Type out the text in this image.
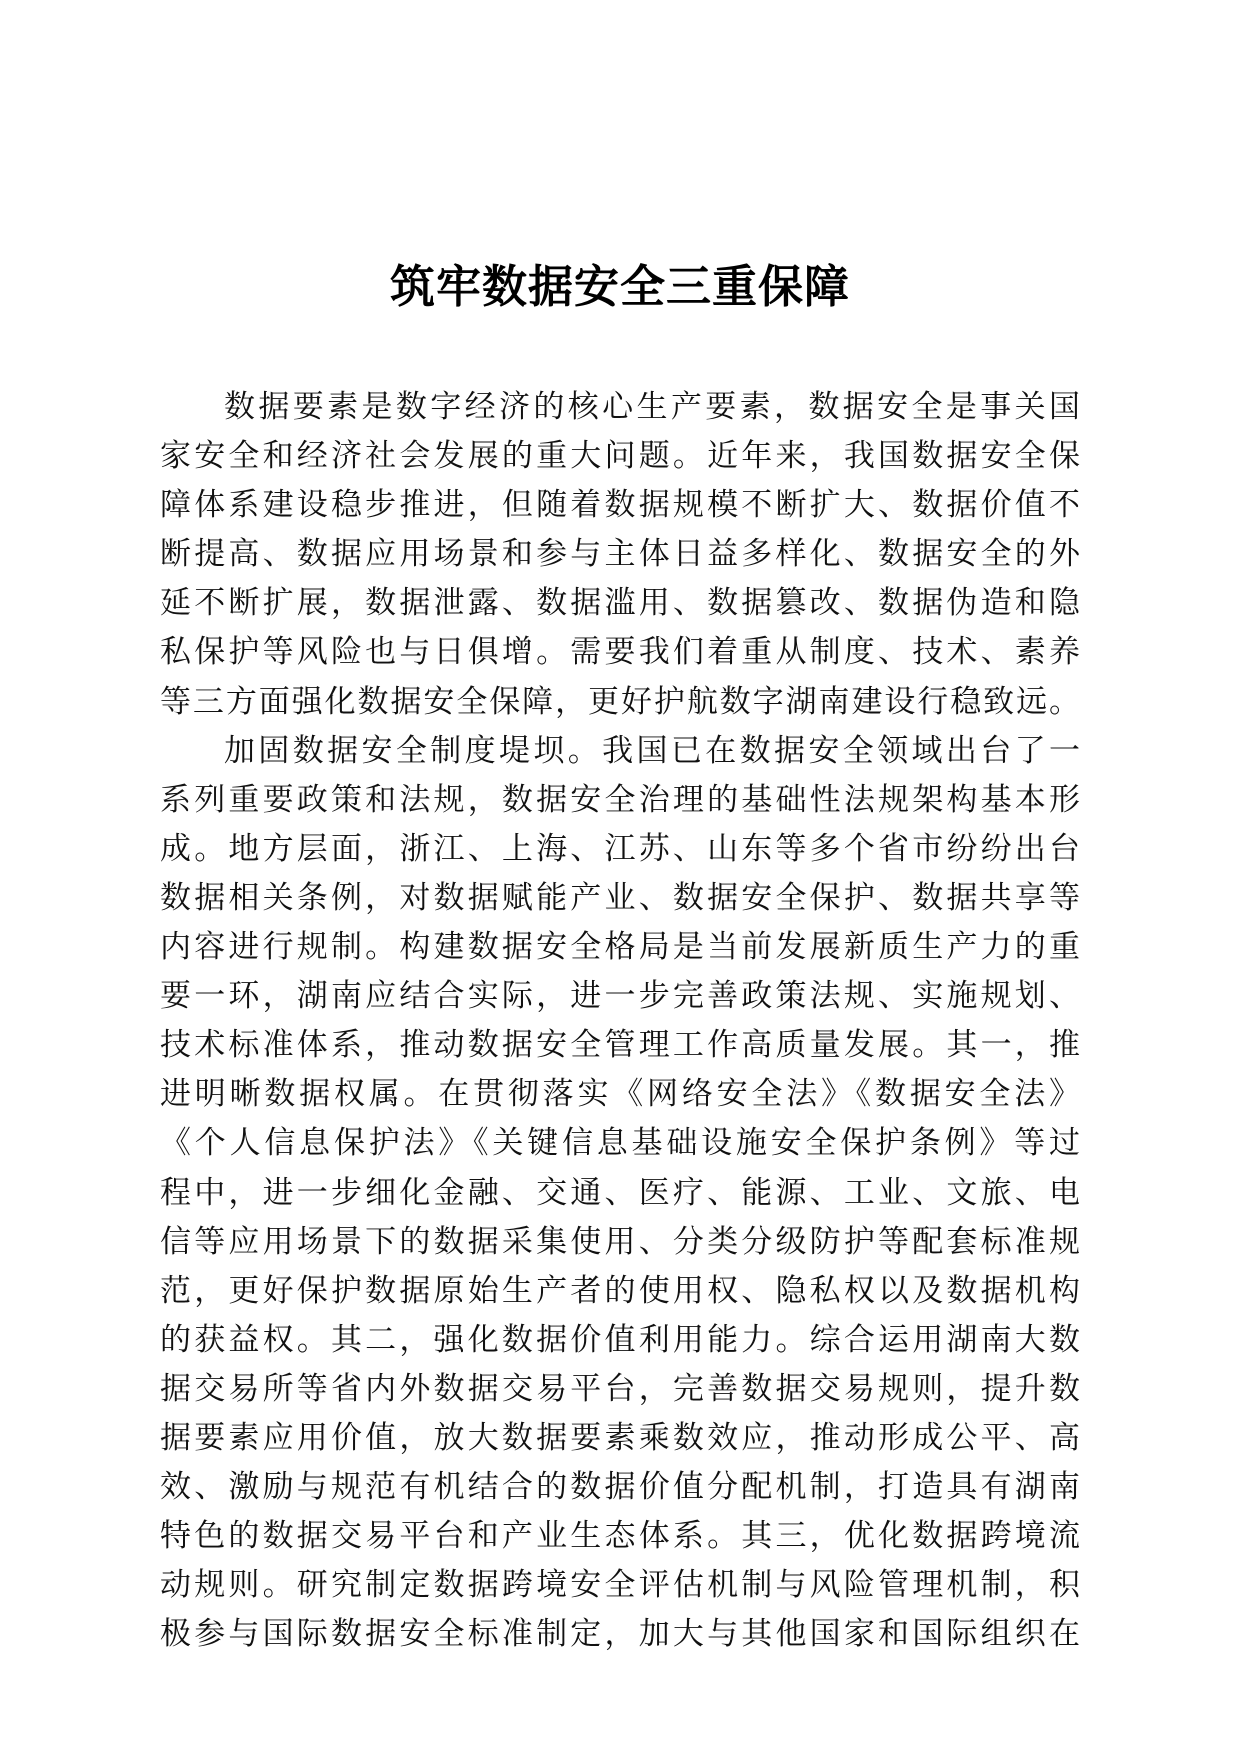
筑牢数据安全三重保障
数据要素是数字经济的核心生产要素，数据安全是事关国
家安全和经济社会发展的重大问题。近年来，我国数据安全保
障体系建设稳步推进，但随着数据规模不断扩大、数据价值不
断提高、数据应用场景和参与主体日益多样化、数据安全的外
延不断扩展，数据泄露、数据滥用、数据篡改、数据伪造和隐
私保护等风险也与日俱增。需要我们着重从制度、技术、素养
等三方面强化数据安全保障，更好护航数字湖南建设行稳致远。
加固数据安全制度堤坝。我国已在数据安全领域出台了一
系列重要政策和法规，数据安全治理的基础性法规架构基本形
成。地方层面，浙江、上海、江苏、山东等多个省市纷纷出台
数据相关条例，对数据赋能产业、数据安全保护、数据共享等
内容进行规制。构建数据安全格局是当前发展新质生产力的重
要一环，湖南应结合实际，进一步完善政策法规、实施规划、
技术标准体系，推动数据安全管理工作高质量发展。其一，推
进明晰数据权属。在贯彻落实《网络安全法》《数据安全法》
《个人信息保护法》《关键信息基础设施安全保护条例》等过
程中，进一步细化金融、交通、医疗、能源、工业、文旅、电
信等应用场景下的数据采集使用、分类分级防护等配套标准规
范，更好保护数据原始生产者的使用权、隐私权以及数据机构
的获益权。其二，强化数据价值利用能力。综合运用湖南大数
据交易所等省内外数据交易平台，完善数据交易规则，提升数
据要素应用价值，放大数据要素乘数效应，推动形成公平、高
效、激励与规范有机结合的数据价值分配机制，打造具有湖南
特色的数据交易平台和产业生态体系。其三，优化数据跨境流
动规则。研究制定数据跨境安全评估机制与风险管理机制，积
极参与国际数据安全标准制定，加大与其他国家和国际组织在
